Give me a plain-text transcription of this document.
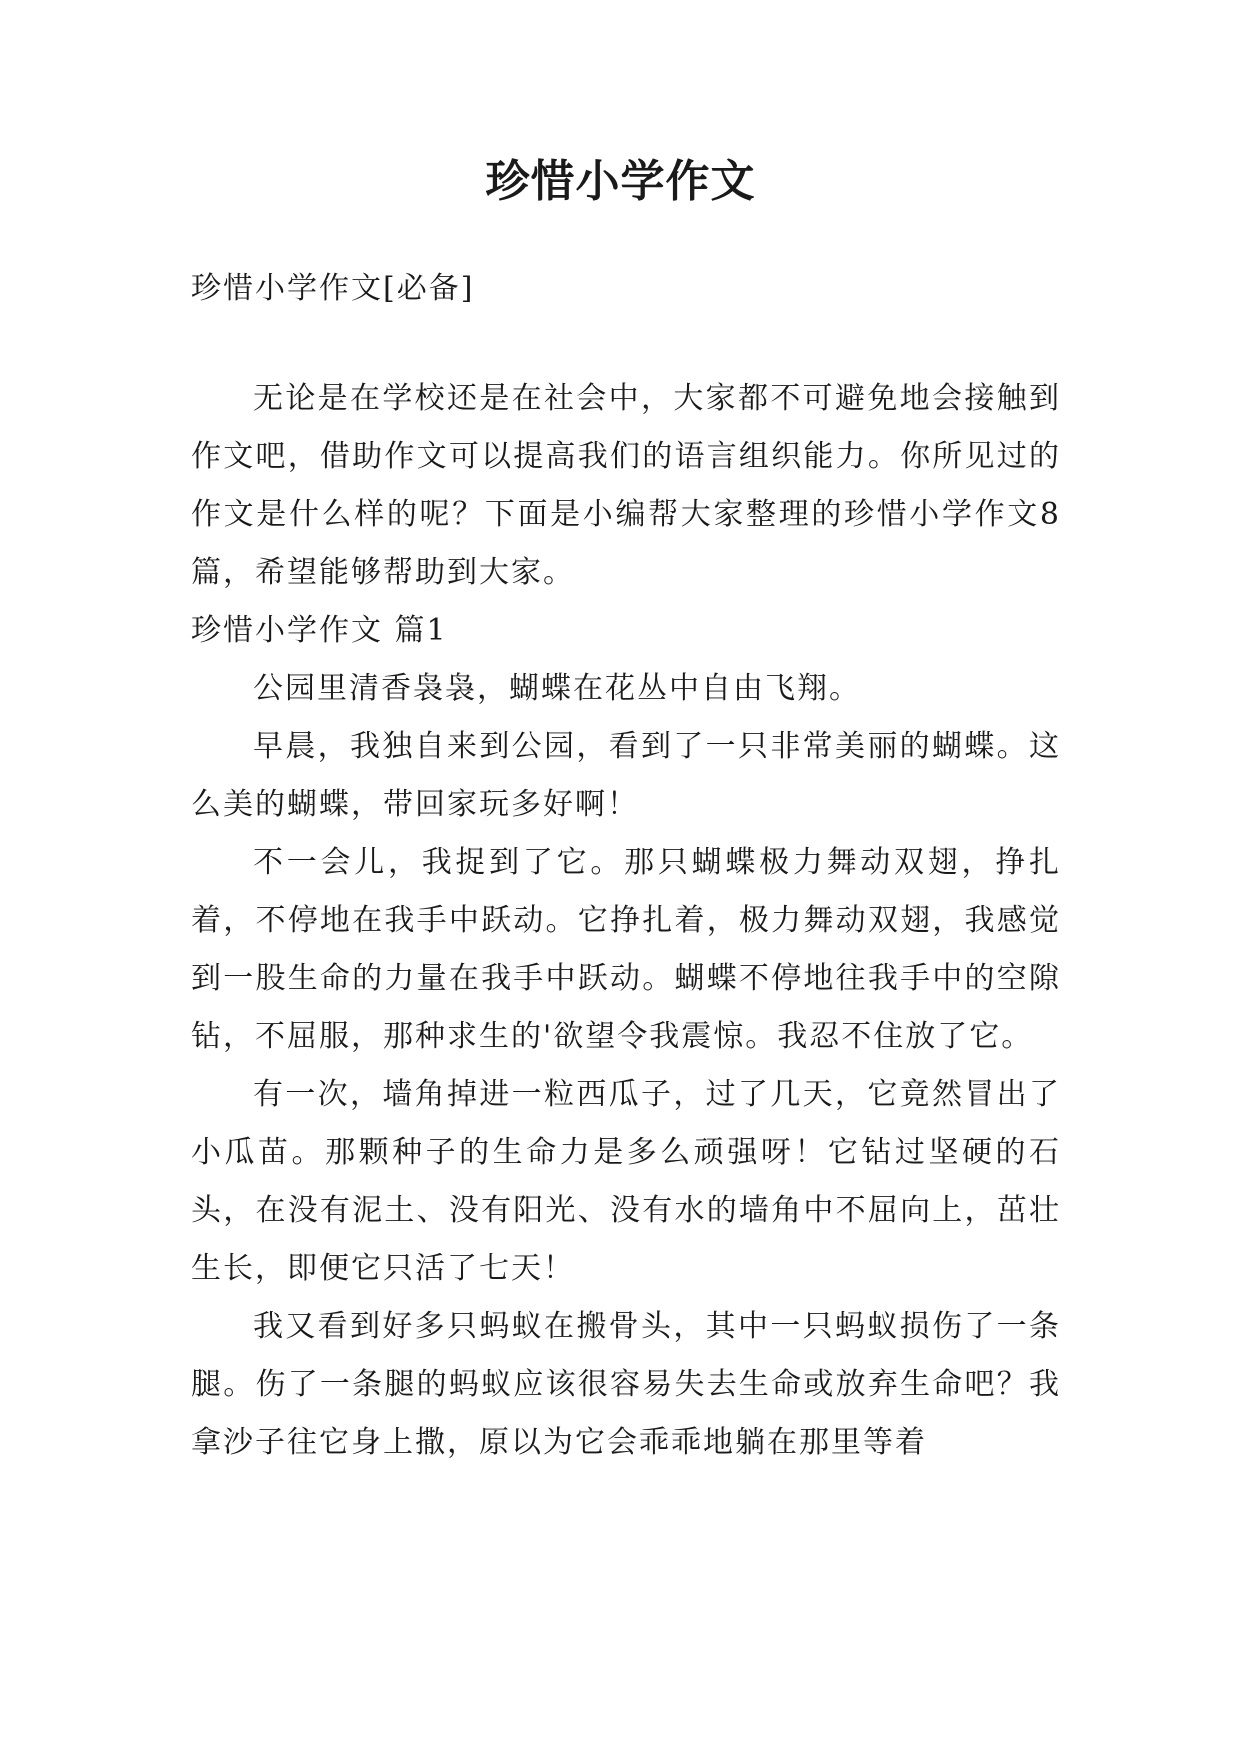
珍惜小学作文

珍惜小学作文[必备]

无论是在学校还是在社会中，大家都不可避免地会接触到作文吧，借助作文可以提高我们的语言组织能力。你所见过的作文是什么样的呢？下面是小编帮大家整理的珍惜小学作文8篇，希望能够帮助到大家。

珍惜小学作文 篇1

公园里清香袅袅，蝴蝶在花丛中自由飞翔。

早晨，我独自来到公园，看到了一只非常美丽的蝴蝶。这么美的蝴蝶，带回家玩多好啊！

不一会儿，我捉到了它。那只蝴蝶极力舞动双翅，挣扎着，不停地在我手中跃动。它挣扎着，极力舞动双翅，我感觉到一股生命的力量在我手中跃动。蝴蝶不停地往我手中的空隙钻，不屈服，那种求生的'欲望令我震惊。我忍不住放了它。

有一次，墙角掉进一粒西瓜子，过了几天，它竟然冒出了小瓜苗。那颗种子的生命力是多么顽强呀！它钻过坚硬的石头，在没有泥土、没有阳光、没有水的墙角中不屈向上，茁壮生长，即便它只活了七天！

我又看到好多只蚂蚁在搬骨头，其中一只蚂蚁损伤了一条腿。伤了一条腿的蚂蚁应该很容易失去生命或放弃生命吧？我拿沙子往它身上撒，原以为它会乖乖地躺在那里等着
